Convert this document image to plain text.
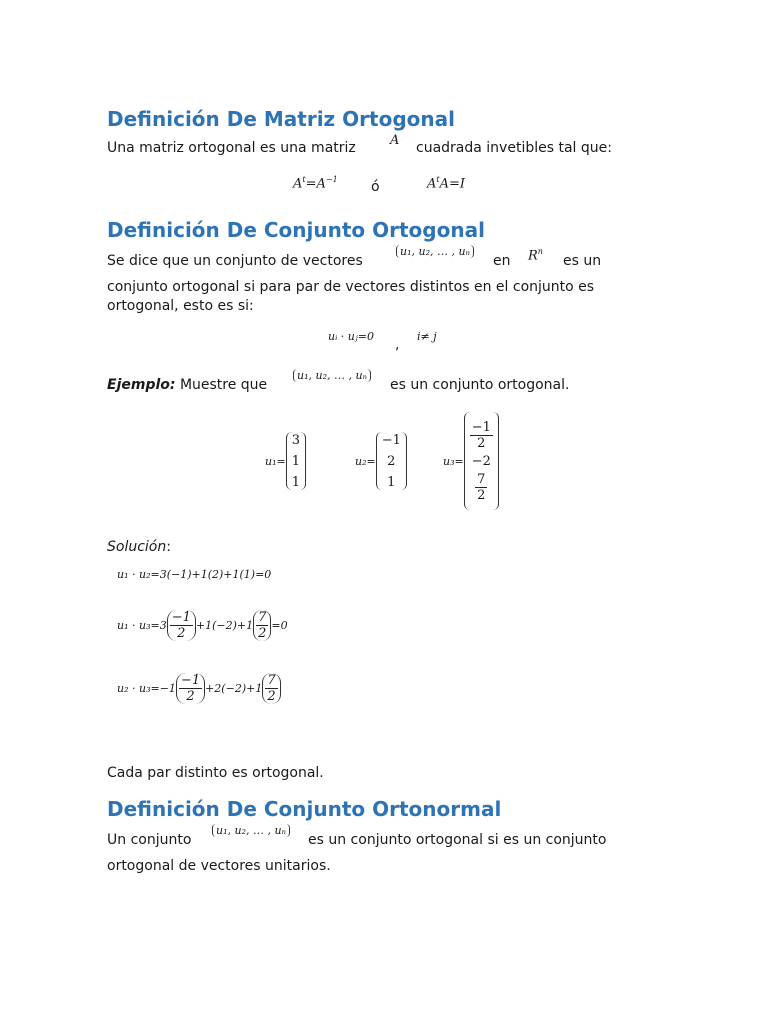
Definición De Matriz Ortogonal
Una matriz ortogonal es una matriz	A cuadrada invetibles tal que:
$A^t=A^{-1}$ ó	$A^tA=I$
Definición De Conjunto Ortogonal
Se dice que un conjunto de vectores
u₁, u₂, … , uₙ
en $R^n$
es un
conjunto ortogonal si para par de vectores distintos en el conjunto es
ortogonal, esto es si:
uᵢ · uⱼ=0
,
i≠ j
Ejemplo: Muestre que
u₁, u₂, … , uₙ
es un conjunto ortogonal.
u₁=
3
1
1
u₂=
−1
2
1
u₃=
$\frac{-1}{2}$
−2
$\frac{7}{2}$
Solución:
u₁ · u₂=3(−1)+1(2)+1(1)=0
$u_1 \cdot u_3=3 \frac{-1}{2} +1(-2)+1 \frac{7}{2} =0$
$u_2 \cdot u_3=-1 \frac{-1}{2} +2(-2)+1 \frac{7}{2}$
Cada par distinto es ortogonal.
Definición De Conjunto Ortonormal
Un conjunto
u₁, u₂, … , uₙ
es un conjunto ortogonal si es un conjunto
ortogonal de vectores unitarios.
